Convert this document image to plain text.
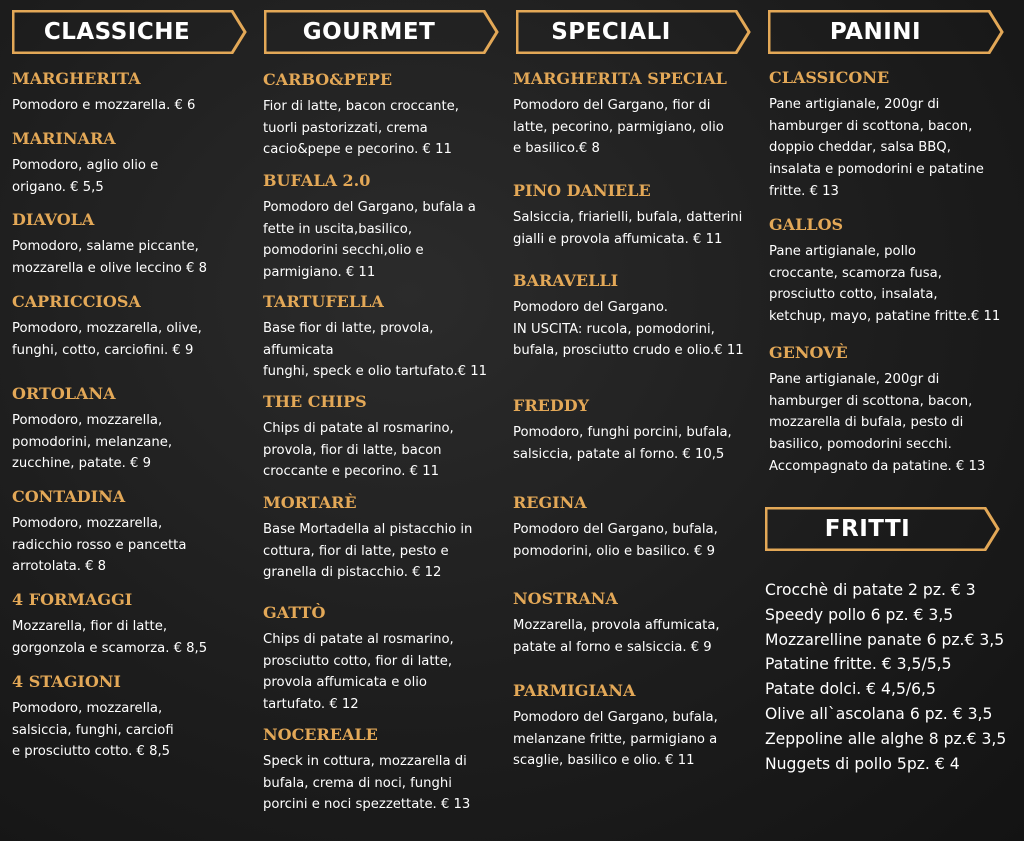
CLASSICHE	GOURMET	SPECIALI	PANINI
FRITTI
MARGHERITA
Pomodoro e mozzarella. € 6
MARINARA
Pomodoro, aglio olio e
origano. € 5,5
DIAVOLA
Pomodoro, salame piccante,
mozzarella e olive leccino € 8
CAPRICCIOSA
Pomodoro, mozzarella, olive,
funghi, cotto, carciofini. € 9
ORTOLANA
Pomodoro, mozzarella,
pomodorini, melanzane,
zucchine, patate. € 9
CONTADINA
Pomodoro, mozzarella,
radicchio rosso e pancetta
arrotolata. € 8
4 FORMAGGI
Mozzarella, fior di latte,
gorgonzola e scamorza. € 8,5
4 STAGIONI
Pomodoro, mozzarella,
salsiccia, funghi, carciofi
e prosciutto cotto. € 8,5
CARBO&PEPE
Fior di latte, bacon croccante,
tuorli pastorizzati, crema
cacio&pepe e pecorino. € 11
BUFALA 2.0
Pomodoro del Gargano, bufala a
fette in uscita,basilico,
pomodorini secchi,olio e
parmigiano. € 11
TARTUFELLA
Base fior di latte, provola,
affumicata
funghi, speck e olio tartufato.€ 11
THE CHIPS
Chips di patate al rosmarino,
provola, fior di latte, bacon
croccante e pecorino. € 11
MORTARÈ
Base Mortadella al pistacchio in
cottura, fior di latte, pesto e
granella di pistacchio. € 12
GATTÒ
Chips di patate al rosmarino,
prosciutto cotto, fior di latte,
provola affumicata e olio
tartufato. € 12
NOCEREALE
Speck in cottura, mozzarella di
bufala, crema di noci, funghi
porcini e noci spezzettate. € 13
MARGHERITA SPECIAL
Pomodoro del Gargano, fior di
latte, pecorino, parmigiano, olio
e basilico.€ 8
PINO DANIELE
Salsiccia, friarielli, bufala, datterini
gialli e provola affumicata. € 11
BARAVELLI
Pomodoro del Gargano.
IN USCITA: rucola, pomodorini,
bufala, prosciutto crudo e olio.€ 11
FREDDY
Pomodoro, funghi porcini, bufala,
salsiccia, patate al forno. € 10,5
REGINA
Pomodoro del Gargano, bufala,
pomodorini, olio e basilico. € 9
NOSTRANA
Mozzarella, provola affumicata,
patate al forno e salsiccia. € 9
PARMIGIANA
Pomodoro del Gargano, bufala,
melanzane fritte, parmigiano a
scaglie, basilico e olio. € 11
CLASSICONE
Pane artigianale, 200gr di
hamburger di scottona, bacon,
doppio cheddar, salsa BBQ,
insalata e pomodorini e patatine
fritte. € 13
GALLOS
Pane artigianale, pollo
croccante, scamorza fusa,
prosciutto cotto, insalata,
ketchup, mayo, patatine fritte.€ 11
GENOVÈ
Pane artigianale, 200gr di
hamburger di scottona, bacon,
mozzarella di bufala, pesto di
basilico, pomodorini secchi.
Accompagnato da patatine. € 13
Crocchè di patate 2 pz. € 3
Speedy pollo 6 pz. € 3,5
Mozzarelline panate 6 pz.€ 3,5
Patatine fritte. € 3,5/5,5
Patate dolci. € 4,5/6,5
Olive all`ascolana 6 pz. € 3,5
Zeppoline alle alghe 8 pz.€ 3,5
Nuggets di pollo 5pz. € 4
